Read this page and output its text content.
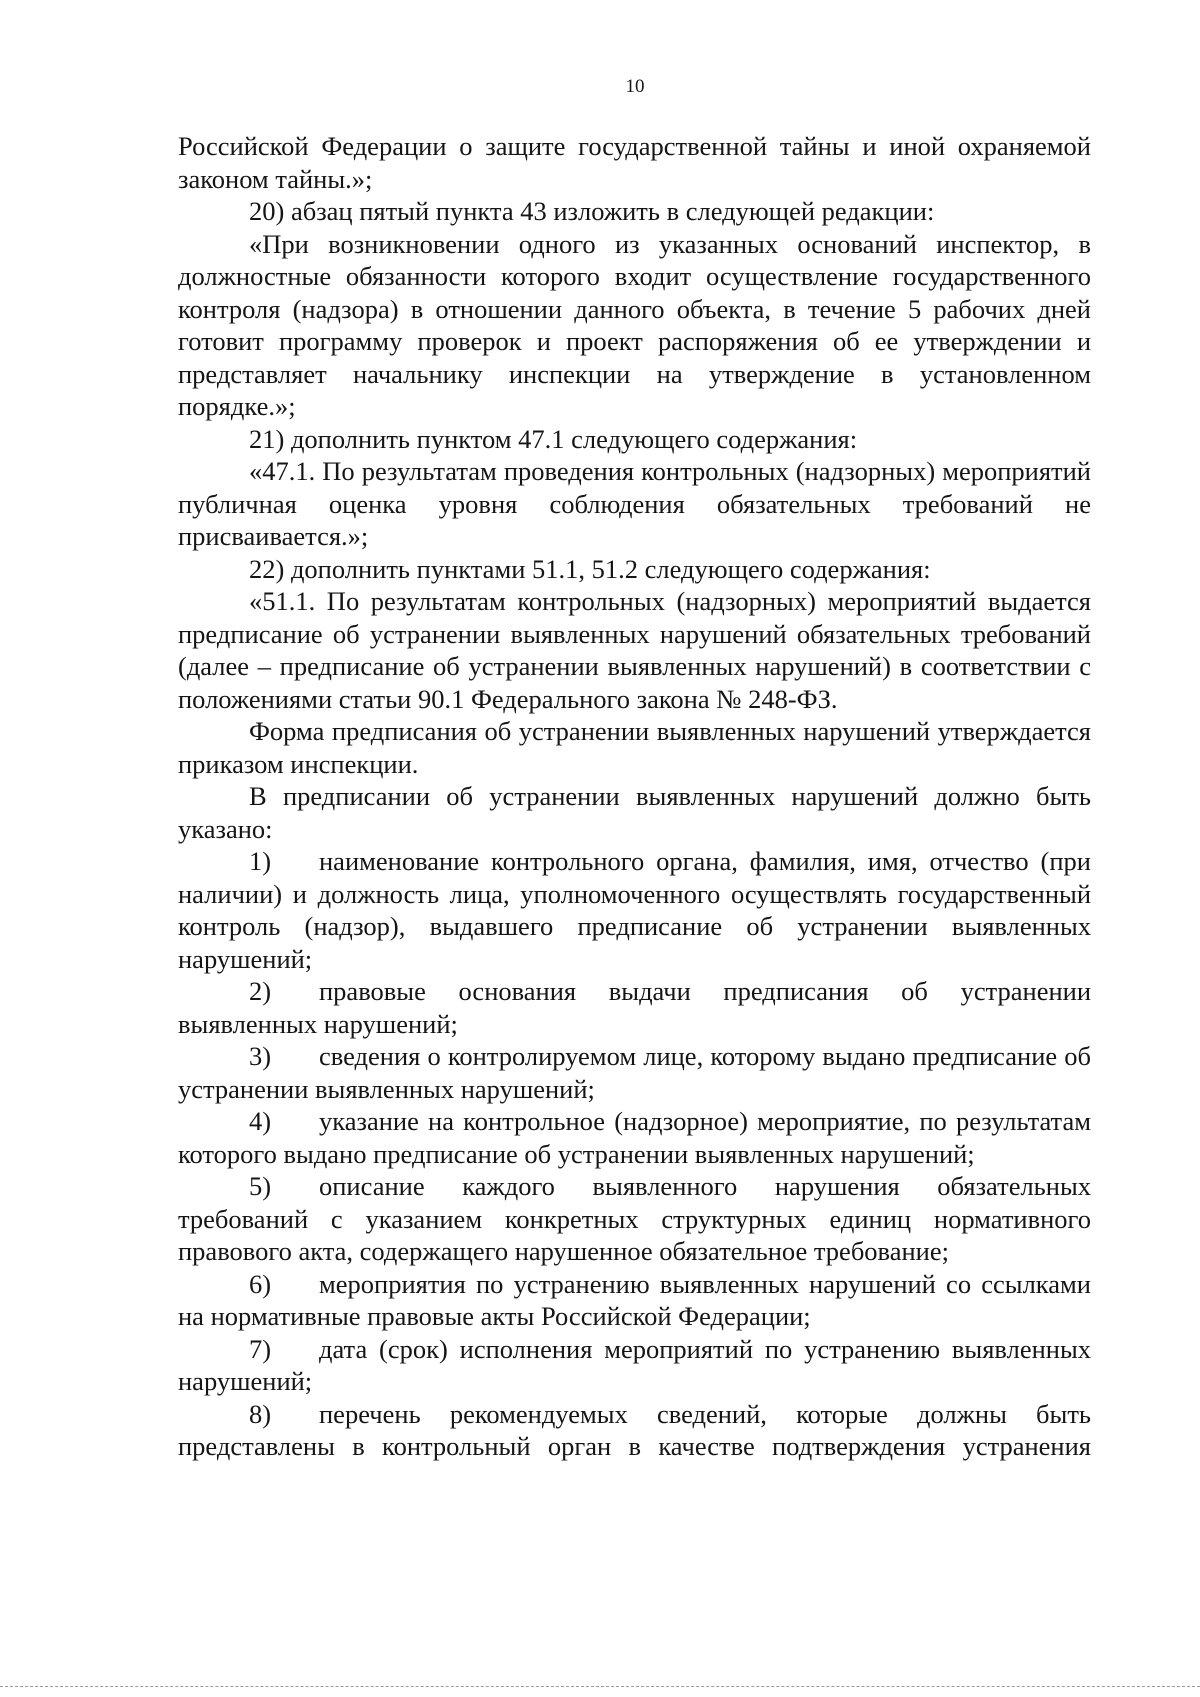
10

Российской Федерации о защите государственной тайны и иной охраняемой законом тайны.»;

20) абзац пятый пункта 43 изложить в следующей редакции:

«При возникновении одного из указанных оснований инспектор, в должностные обязанности которого входит осуществление государственного контроля (надзора) в отношении данного объекта, в течение 5 рабочих дней готовит программу проверок и проект распоряжения об ее утверждении и представляет начальнику инспекции на утверждение в установленном порядке.»;

21) дополнить пунктом 47.1 следующего содержания:

«47.1. По результатам проведения контрольных (надзорных) мероприятий публичная оценка уровня соблюдения обязательных требований не присваивается.»;

22) дополнить пунктами 51.1, 51.2 следующего содержания:

«51.1. По результатам контрольных (надзорных) мероприятий выдается предписание об устранении выявленных нарушений обязательных требований (далее – предписание об устранении выявленных нарушений) в соответствии с положениями статьи 90.1 Федерального закона № 248-ФЗ.

Форма предписания об устранении выявленных нарушений утверждается приказом инспекции.

В предписании об устранении выявленных нарушений должно быть указано:

1) наименование контрольного органа, фамилия, имя, отчество (при наличии) и должность лица, уполномоченного осуществлять государственный контроль (надзор), выдавшего предписание об устранении выявленных нарушений;

2) правовые основания выдачи предписания об устранении выявленных нарушений;

3) сведения о контролируемом лице, которому выдано предписание об устранении выявленных нарушений;

4) указание на контрольное (надзорное) мероприятие, по результатам которого выдано предписание об устранении выявленных нарушений;

5) описание каждого выявленного нарушения обязательных требований с указанием конкретных структурных единиц нормативного правового акта, содержащего нарушенное обязательное требование;

6) мероприятия по устранению выявленных нарушений со ссылками на нормативные правовые акты Российской Федерации;

7) дата (срок) исполнения мероприятий по устранению выявленных нарушений;

8) перечень рекомендуемых сведений, которые должны быть представлены в контрольный орган в качестве подтверждения устранения
